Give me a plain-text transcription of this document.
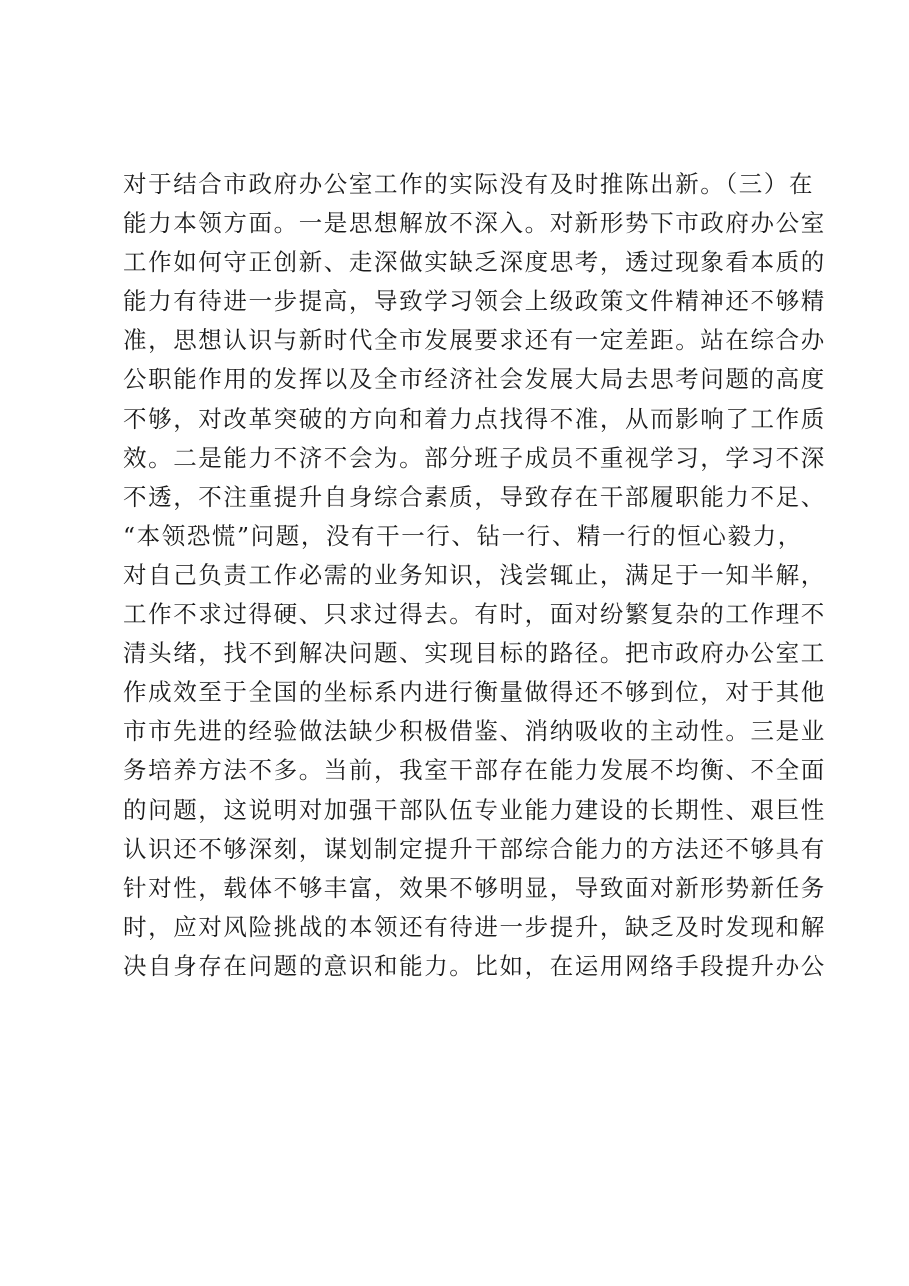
对于结合市政府办公室工作的实际没有及时推陈出新。（三）在
能力本领方面。一是思想解放不深入。对新形势下市政府办公室
工作如何守正创新、走深做实缺乏深度思考，透过现象看本质的
能力有待进一步提高，导致学习领会上级政策文件精神还不够精
准，思想认识与新时代全市发展要求还有一定差距。站在综合办
公职能作用的发挥以及全市经济社会发展大局去思考问题的高度
不够，对改革突破的方向和着力点找得不准，从而影响了工作质
效。二是能力不济不会为。部分班子成员不重视学习，学习不深
不透，不注重提升自身综合素质，导致存在干部履职能力不足、
“本领恐慌”问题，没有干一行、钻一行、精一行的恒心毅力，
对自己负责工作必需的业务知识，浅尝辄止，满足于一知半解，
工作不求过得硬、只求过得去。有时，面对纷繁复杂的工作理不
清头绪，找不到解决问题、实现目标的路径。把市政府办公室工
作成效至于全国的坐标系内进行衡量做得还不够到位，对于其他
市市先进的经验做法缺少积极借鉴、消纳吸收的主动性。三是业
务培养方法不多。当前，我室干部存在能力发展不均衡、不全面
的问题，这说明对加强干部队伍专业能力建设的长期性、艰巨性
认识还不够深刻，谋划制定提升干部综合能力的方法还不够具有
针对性，载体不够丰富，效果不够明显，导致面对新形势新任务
时，应对风险挑战的本领还有待进一步提升，缺乏及时发现和解
决自身存在问题的意识和能力。比如，在运用网络手段提升办公
